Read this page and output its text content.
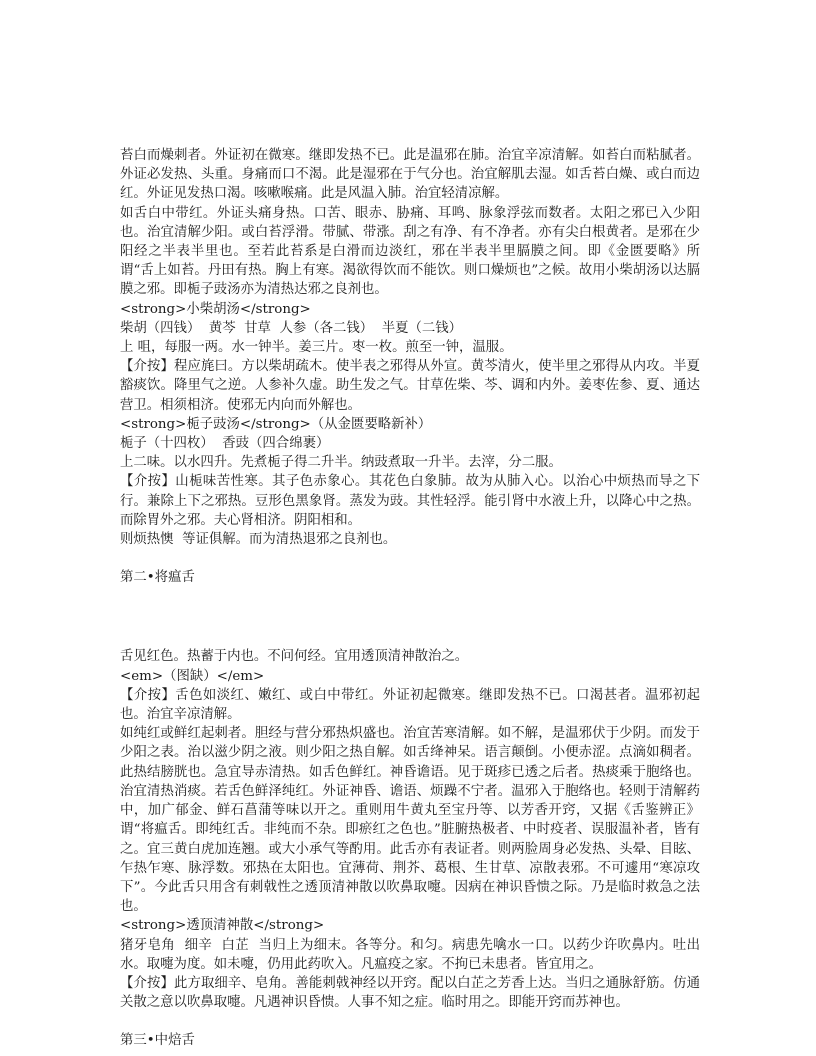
苔白而燥刺者。外证初在微寒。继即发热不已。此是温邪在肺。治宜辛凉清解。如苔白而粘腻者。外证必发热、头重。身痛而口不渴。此是湿邪在于气分也。治宜解肌去湿。如舌苔白燥、或白而边红。外证见发热口渴。咳嗽喉痛。此是风温入肺。治宜轻清凉解。

如舌白中带红。外证头痛身热。口苦、眼赤、胁痛、耳鸣、脉象浮弦而数者。太阳之邪已入少阳也。治宜清解少阳。或白苔浮滑。带腻、带涨。刮之有净、有不净者。亦有尖白根黄者。是邪在少阳经之半表半里也。至若此苔系是白滑而边淡红，邪在半表半里膈膜之间。即《金匮要略》所谓“舌上如苔。丹田有热。胸上有寒。渴欲得饮而不能饮。则口燥烦也”之候。故用小柴胡汤以达膈膜之邪。即栀子豉汤亦为清热达邪之良剂也。

<strong>小柴胡汤</strong>

柴胡（四钱）  黄芩  甘草  人参（各二钱）  半夏（二钱）

上 咀，每服一两。水一钟半。姜三片。枣一枚。煎至一钟，温服。

【介按】程应旄曰。方以柴胡疏木。使半表之邪得从外宣。黄芩清火，使半里之邪得从内攻。半夏豁痰饮。降里气之逆。人参补久虚。助生发之气。甘草佐柴、芩、调和内外。姜枣佐参、夏、通达营卫。相须相济。使邪无内向而外解也。

<strong>栀子豉汤</strong>（从金匮要略新补）

栀子（十四枚）  香豉（四合绵裹）

上二味。以水四升。先煮栀子得二升半。纳豉煮取一升半。去滓，分二服。

【介按】山栀味苦性寒。其子色赤象心。其花色白象肺。故为从肺入心。以治心中烦热而导之下行。兼除上下之邪热。豆形色黑象肾。蒸发为豉。其性轻浮。能引肾中水液上升，以降心中之热。而除胃外之邪。夫心肾相济。阴阳相和。

则烦热懊  等证俱解。而为清热退邪之良剂也。

第二•将瘟舌

舌见红色。热蓄于内也。不问何经。宜用透顶清神散治之。

<em>（图缺）</em>

【介按】舌色如淡红、嫩红、或白中带红。外证初起微寒。继即发热不已。口渴甚者。温邪初起也。治宜辛凉清解。

如纯红或鲜红起刺者。胆经与营分邪热炽盛也。治宜苦寒清解。如不解，是温邪伏于少阴。而发于少阳之表。治以滋少阴之液。则少阳之热自解。如舌绛神呆。语言颠倒。小便赤涩。点滴如稠者。此热结膀胱也。急宜导赤清热。如舌色鲜红。神昏谵语。见于斑疹已透之后者。热痰乘于胞络也。治宜清热消痰。若舌色鲜泽纯红。外证神昏、谵语、烦躁不宁者。温邪入于胞络也。轻则于清解药中，加广郁金、鲜石菖蒲等味以开之。重则用牛黄丸至宝丹等、以芳香开窍，又据《舌鉴辨正》谓“将瘟舌。即纯红舌。非纯而不杂。即瘀红之色也。”脏腑热极者、中时疫者、误服温补者，皆有之。宜三黄白虎加连翘。或大小承气等酌用。此舌亦有表证者。则两脸周身必发热、头晕、目眩、乍热乍寒、脉浮数。邪热在太阳也。宜薄荷、荆芥、葛根、生甘草、凉散表邪。不可遽用“寒凉攻下”。今此舌只用含有刺戟性之透顶清神散以吹鼻取嚏。因病在神识昏愦之际。乃是临时救急之法也。

<strong>透顶清神散</strong>

猪牙皂角  细辛  白芷  当归上为细末。各等分。和匀。病患先噙水一口。以药少许吹鼻内。吐出水。取嚏为度。如未嚏，仍用此药吹入。凡瘟疫之家。不拘已未患者。皆宜用之。

【介按】此方取细辛、皂角。善能刺戟神经以开窍。配以白芷之芳香上达。当归之通脉舒筋。仿通关散之意以吹鼻取嚏。凡遇神识昏愦。人事不知之症。临时用之。即能开窍而苏神也。

第三•中焙舌
